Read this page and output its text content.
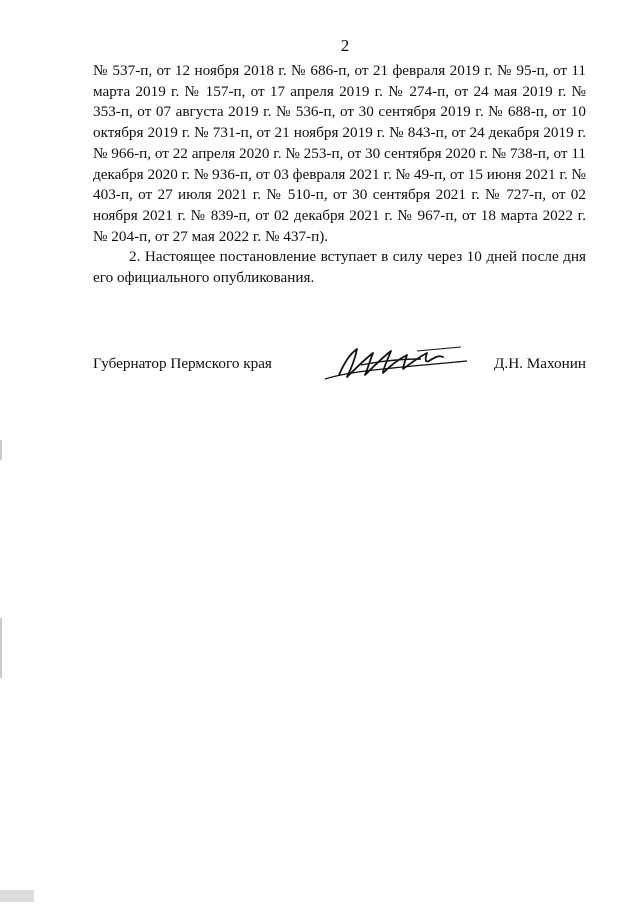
2

№ 537-п, от 12 ноября 2018 г. № 686-п, от 21 февраля 2019 г. № 95-п, от 11 марта 2019 г. № 157-п, от 17 апреля 2019 г. № 274-п, от 24 мая 2019 г. № 353-п, от 07 августа 2019 г. № 536-п, от 30 сентября 2019 г. № 688-п, от 10 октября 2019 г. № 731-п, от 21 ноября 2019 г. № 843-п, от 24 декабря 2019 г. № 966-п, от 22 апреля 2020 г. № 253-п, от 30 сентября 2020 г. № 738-п, от 11 декабря 2020 г. № 936-п, от 03 февраля 2021 г. № 49-п, от 15 июня 2021 г. № 403-п, от 27 июля 2021 г. № 510-п, от 30 сентября 2021 г. № 727-п, от 02 ноября 2021 г. № 839-п, от 02 декабря 2021 г. № 967-п, от 18 марта 2022 г. № 204-п, от 27 мая 2022 г. № 437-п).

2. Настоящее постановление вступает в силу через 10 дней после дня его официального опубликования.

Губернатор Пермского края	Д.Н. Махонин
